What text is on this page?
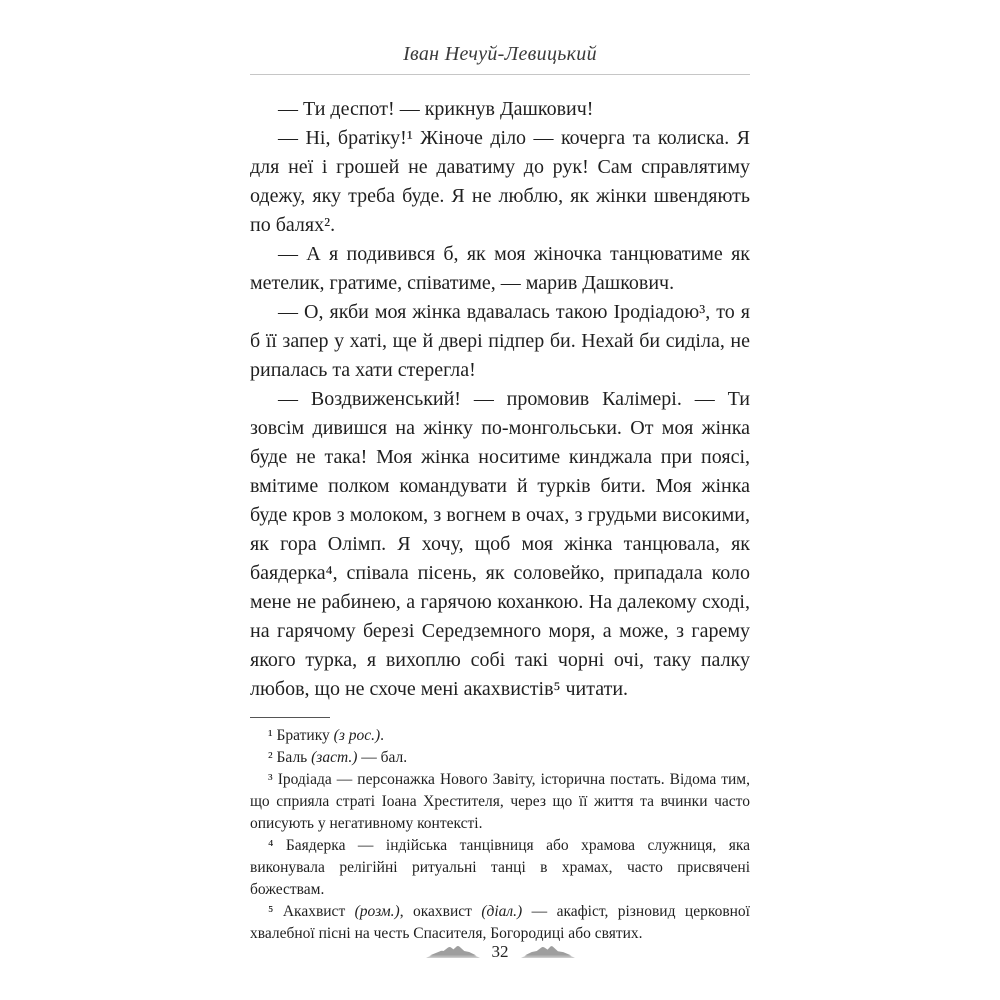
Іван Нечуй-Левицький

— Ти деспот! — крикнув Дашкович!

— Ні, братіку!¹ Жіноче діло — кочерга та колиска. Я для неї і грошей не даватиму до рук! Сам справлятиму одежу, яку треба буде. Я не люблю, як жінки швендяють по балях².

— А я подивився б, як моя жіночка танцюватиме як метелик, гратиме, співатиме, — марив Дашкович.

— О, якби моя жінка вдавалась такою Іродіадою³, то я б її запер у хаті, ще й двері підпер би. Нехай би сиділа, не рипалась та хати стерегла!

— Воздвиженський! — промовив Калімері. — Ти зовсім дивишся на жінку по-монгольськи. От моя жінка буде не така! Моя жінка носитиме кинджала при поясі, вмітиме полком командувати й турків бити. Моя жінка буде кров з молоком, з вогнем в очах, з грудьми високими, як гора Олімп. Я хочу, щоб моя жінка танцювала, як баядерка⁴, співала пісень, як соловейко, припадала коло мене не рабинею, а гарячою коханкою. На далекому сході, на гарячому березі Середземного моря, а може, з гарему якого турка, я вихоплю собі такі чорні очі, таку палку любов, що не схоче мені акахвистів⁵ читати.

¹ Братику (з рос.).

² Баль (заст.) — бал.

³ Іродіада — персонажка Нового Завіту, історична постать. Відома тим, що сприяла страті Іоана Хрестителя, через що її життя та вчинки часто описують у негативному контексті.

⁴ Баядерка — індійська танцівниця або храмова служниця, яка виконувала релігійні ритуальні танці в храмах, часто присвячені божествам.

⁵ Акахвист (розм.), окахвист (діал.) — акафіст, різновид церковної хвалебної пісні на честь Спасителя, Богородиці або святих.

32
